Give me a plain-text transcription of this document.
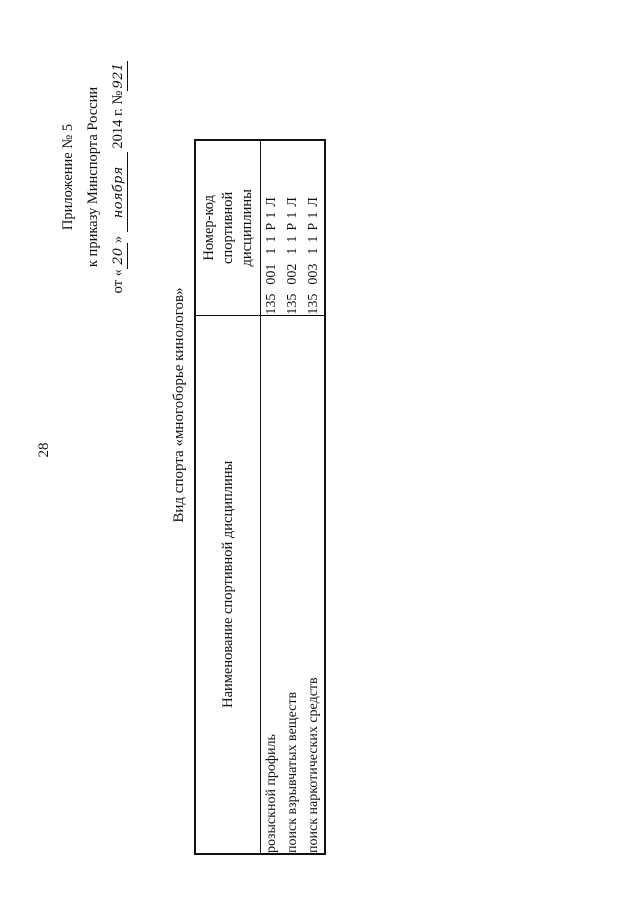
28
Приложение № 5 к приказу Минспорта России
от «20» ноября 2014 г. №921
Вид спорта «многоборье кинологов»
Наименование спортивной дисциплины	Номер-код спортивной дисциплины

розыскной профиль	13500111Р1Л
поиск взрывчатых веществ	13500211Р1Л
поиск наркотических средств	13500311Р1Л
